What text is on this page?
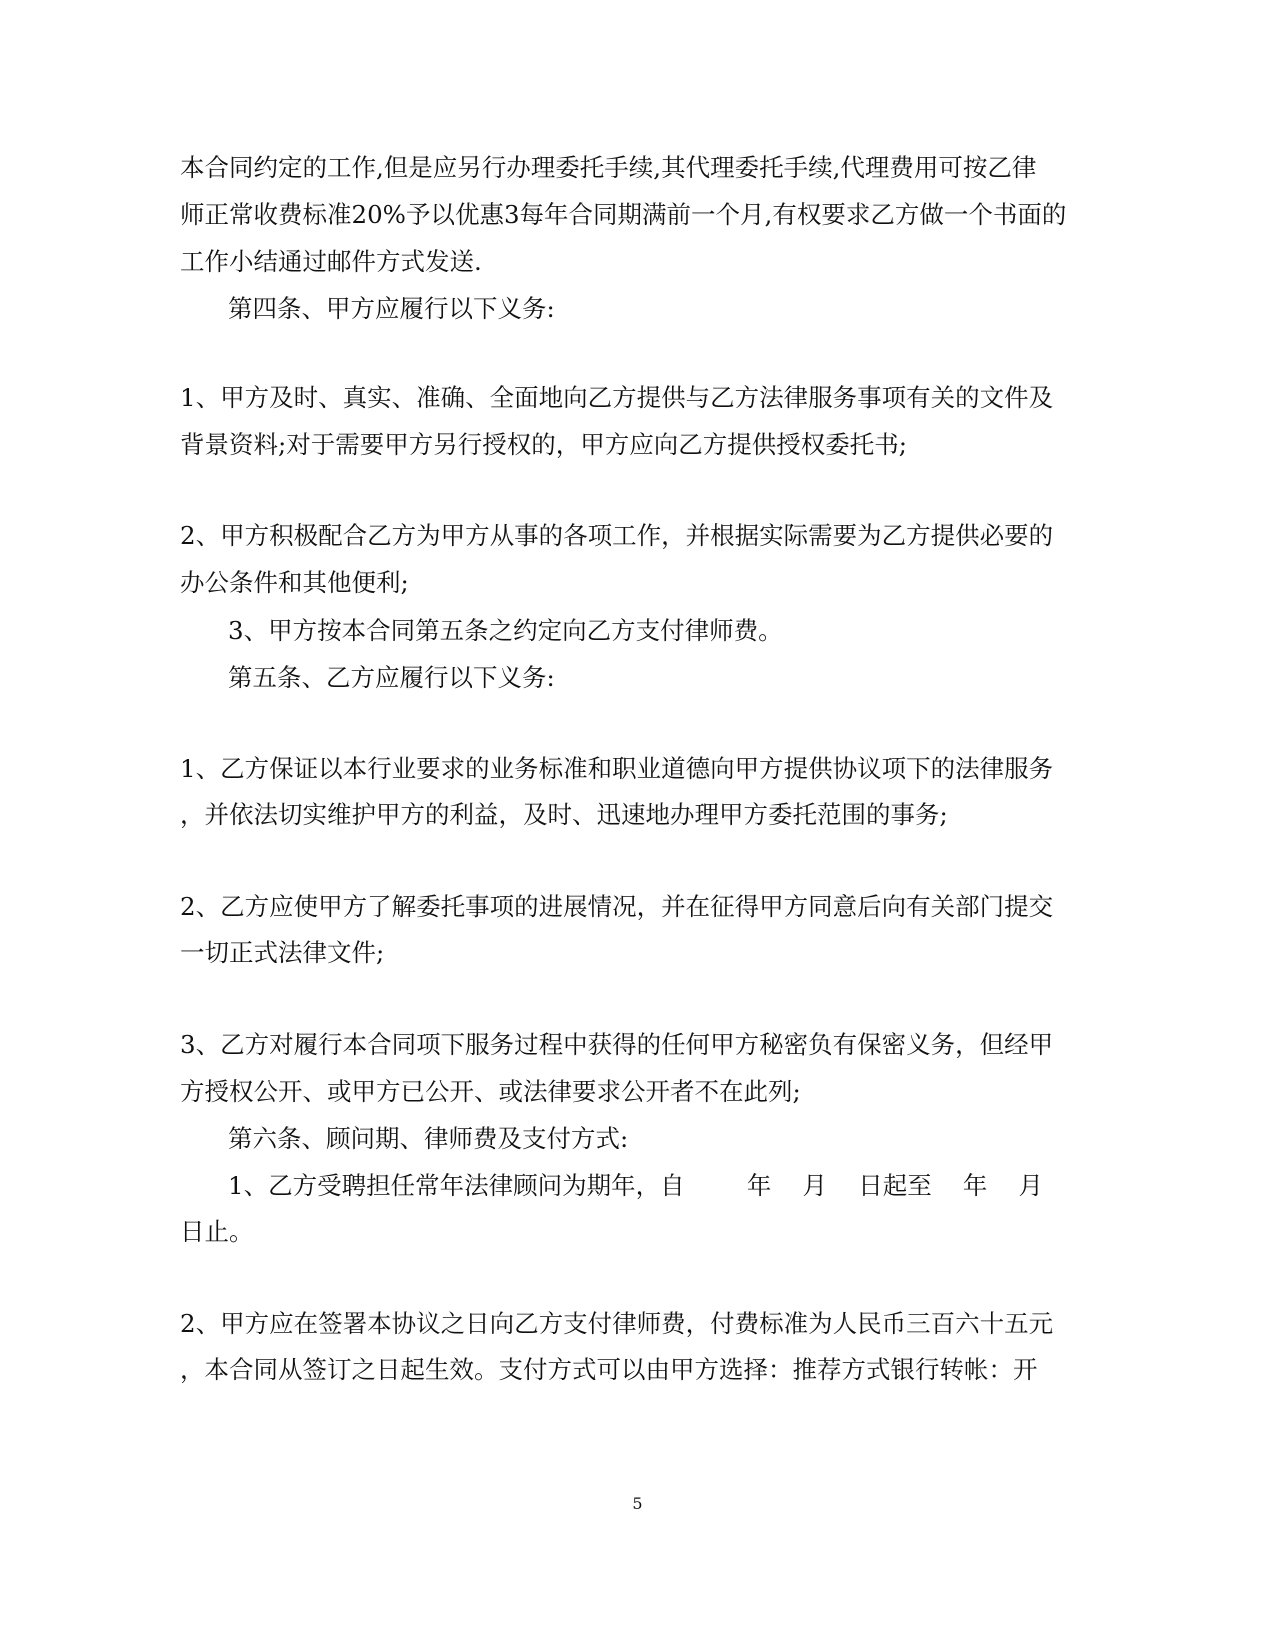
本合同约定的工作,但是应另行办理委托手续,其代理委托手续,代理费用可按乙律
师正常收费标准20%予以优惠3每年合同期满前一个月,有权要求乙方做一个书面的
工作小结通过邮件方式发送.
第四条、甲方应履行以下义务:
1、甲方及时、真实、准确、全面地向乙方提供与乙方法律服务事项有关的文件及
背景资料;对于需要甲方另行授权的，甲方应向乙方提供授权委托书;
2、甲方积极配合乙方为甲方从事的各项工作，并根据实际需要为乙方提供必要的
办公条件和其他便利;
3、甲方按本合同第五条之约定向乙方支付律师费。
第五条、乙方应履行以下义务:
1、乙方保证以本行业要求的业务标准和职业道德向甲方提供协议项下的法律服务
，并依法切实维护甲方的利益，及时、迅速地办理甲方委托范围的事务;
2、乙方应使甲方了解委托事项的进展情况，并在征得甲方同意后向有关部门提交
一切正式法律文件;
3、乙方对履行本合同项下服务过程中获得的任何甲方秘密负有保密义务，但经甲
方授权公开、或甲方已公开、或法律要求公开者不在此列;
第六条、顾问期、律师费及支付方式:
1、乙方受聘担任常年法律顾问为期年，自        年    月    日起至    年    月
日止。
2、甲方应在签署本协议之日向乙方支付律师费，付费标准为人民币三百六十五元
，本合同从签订之日起生效。支付方式可以由甲方选择：推荐方式银行转帐：开
5
